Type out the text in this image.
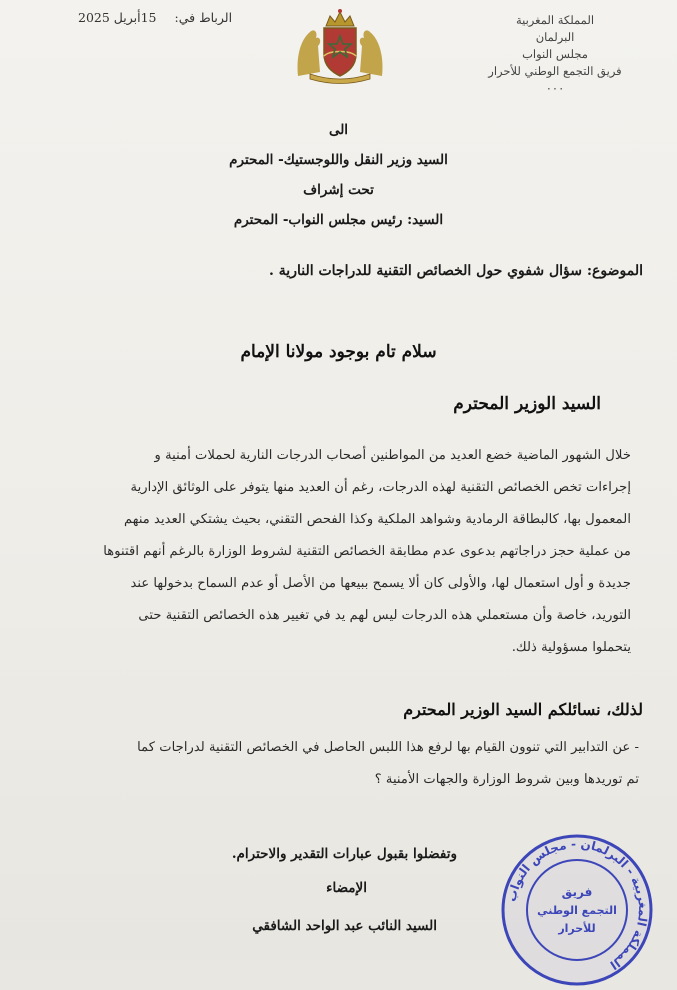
المملكة المغربية
البرلمان
مجلس النواب
فريق التجمع الوطني للأحرار
٠٠٠
الرباط في: 15أبريل 2025
الى
السيد وزير النقل واللوجستيك- المحترم
تحت إشراف
السيد: رئيس مجلس النواب- المحترم
الموضوع: سؤال شفوي حول الخصائص التقنية للدراجات النارية .
سلام تام بوجود مولانا الإمام
السيد الوزير المحترم
خلال الشهور الماضية خضع العديد من المواطنين أصحاب الدرجات النارية لحملات أمنية و
إجراءات تخص الخصائص التقنية لهذه الدرجات، رغم أن العديد منها يتوفر على الوثائق الإدارية
المعمول بها، كالبطاقة الرمادية وشواهد الملكية وكذا الفحص التقني، بحيث يشتكي العديد منهم
من عملية حجز دراجاتهم بدعوى عدم مطابقة الخصائص التقنية لشروط الوزارة بالرغم أنهم اقتنوها
جديدة و أول استعمال لها، والأولى كان ألا يسمح ببيعها من الأصل أو عدم السماح بدخولها عند
التوريد، خاصة وأن مستعملي هذه الدرجات ليس لهم يد في تغيير هذه الخصائص التقنية حتى
يتحملوا مسؤولية ذلك.
لذلك، نسائلكم السيد الوزير المحترم
- عن التدابير التي تنوون القيام بها لرفع هذا اللبس الحاصل في الخصائص التقنية لدراجات كما
تم توريدها وبين شروط الوزارة والجهات الأمنية ؟
وتفضلوا بقبول عبارات التقدير والاحترام.
الإمضاء
السيد النائب عبد الواحد الشافقي
المملكة المغربية - البرلمان - مجلس النواب
فريق
التجمع الوطني
للأحرار
